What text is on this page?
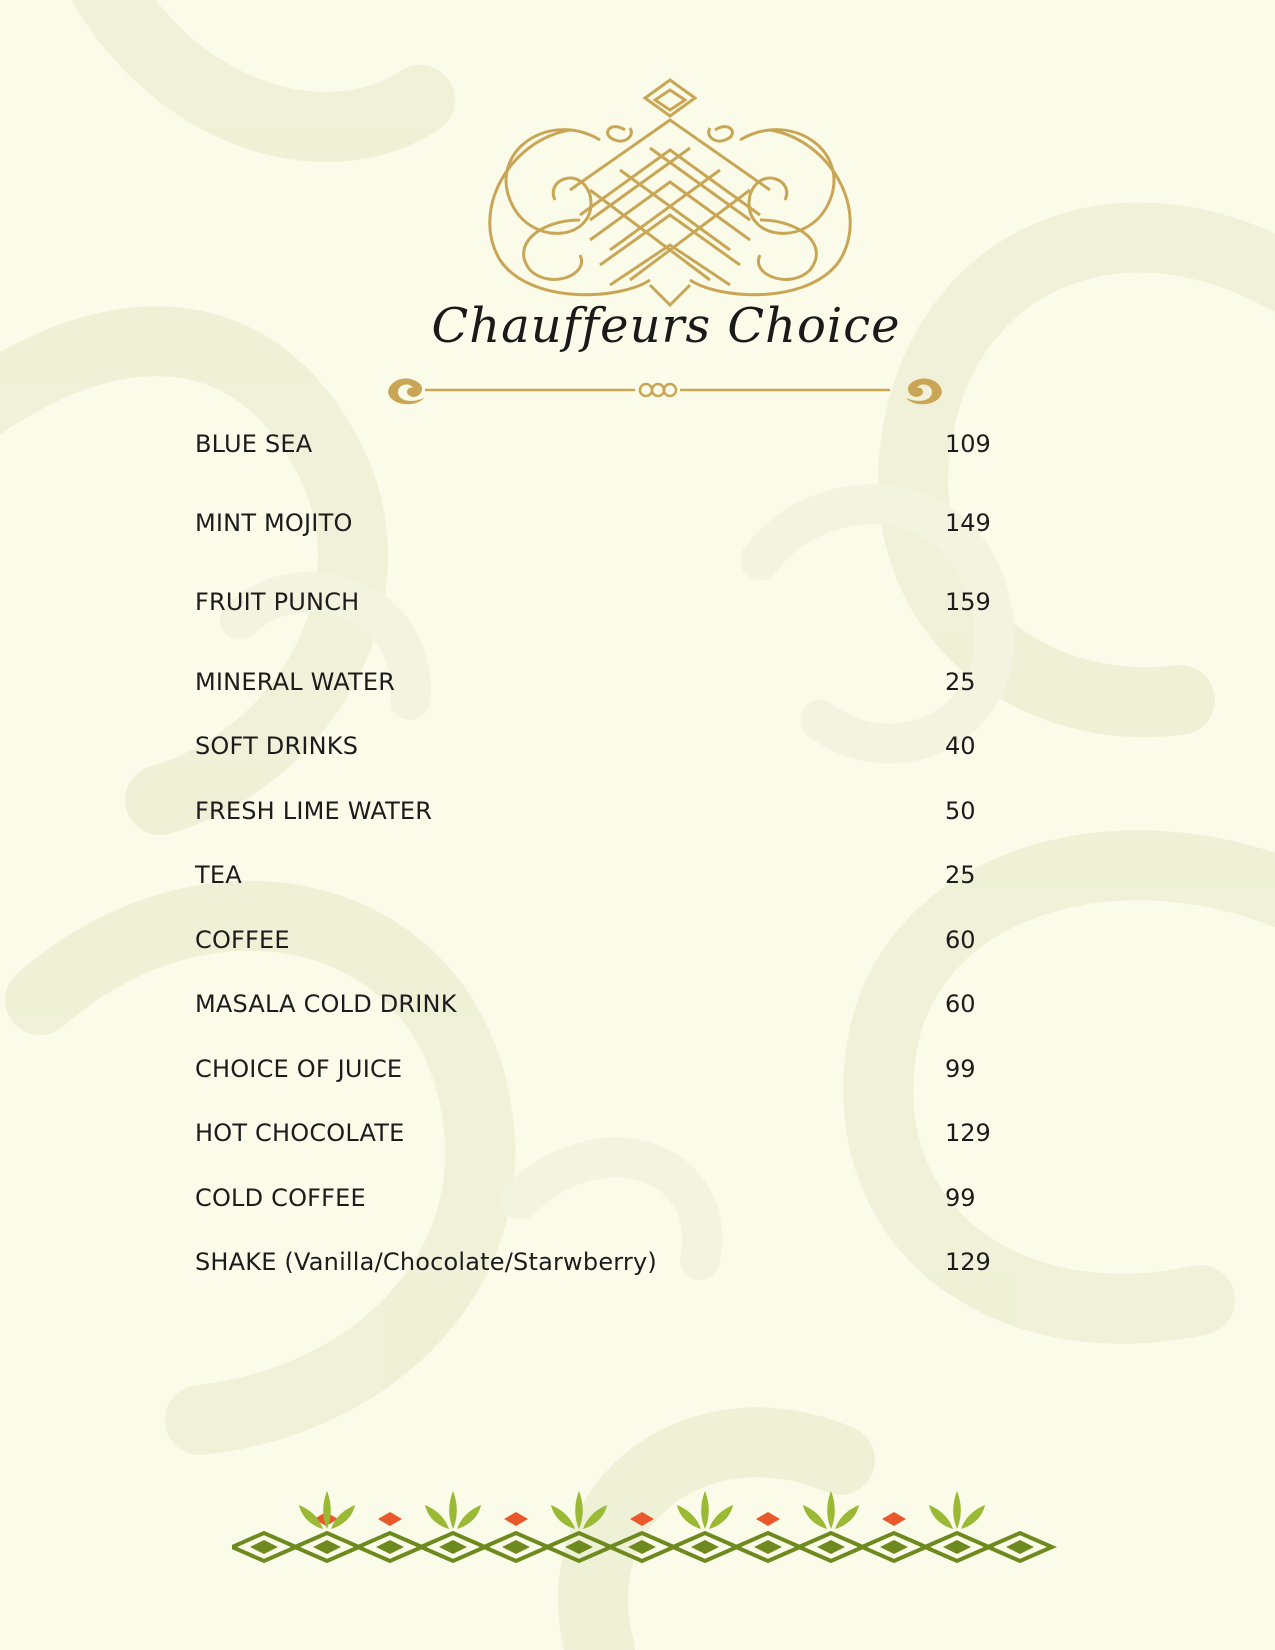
Chauffeurs Choice
BLUE SEA	109
MINT MOJITO	149
FRUIT PUNCH	159
MINERAL WATER	25
SOFT DRINKS	40
FRESH LIME WATER	50
TEA	25
COFFEE	60
MASALA COLD DRINK	60
CHOICE OF JUICE	99
HOT CHOCOLATE	129
COLD COFFEE	99
SHAKE (Vanilla/Chocolate/Starwberry)	129
